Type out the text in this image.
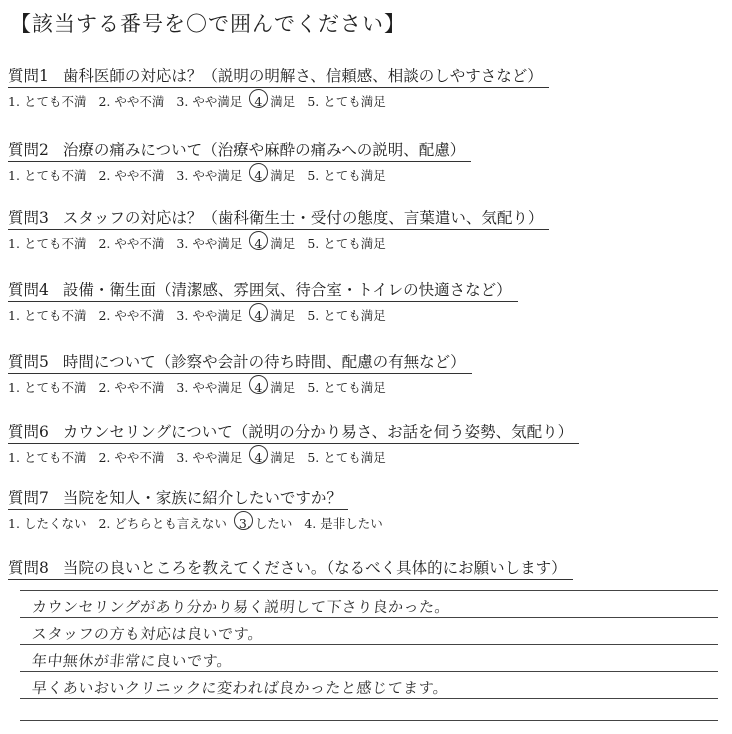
【該当する番号を〇で囲んでください】
質問1 歯科医師の対応は？（説明の明解さ、信頼感、相談のしやすさなど）
1. とても不満 2. やや不満 3. やや満足 4. 満足 5. とても満足
質問2 治療の痛みについて（治療や麻酔の痛みへの説明、配慮）
1. とても不満 2. やや不満 3. やや満足 4. 満足 5. とても満足
質問3 スタッフの対応は？（歯科衛生士・受付の態度、言葉遣い、気配り）
1. とても不満 2. やや不満 3. やや満足 4. 満足 5. とても満足
質問4 設備・衛生面（清潔感、雰囲気、待合室・トイレの快適さなど）
1. とても不満 2. やや不満 3. やや満足 4. 満足 5. とても満足
質問5 時間について（診察や会計の待ち時間、配慮の有無など）
1. とても不満 2. やや不満 3. やや満足 4. 満足 5. とても満足
質問6 カウンセリングについて（説明の分かり易さ、お話を伺う姿勢、気配り）
1. とても不満 2. やや不満 3. やや満足 4. 満足 5. とても満足
質問7 当院を知人・家族に紹介したいですか？
1. したくない 2. どちらとも言えない 3. したい 4. 是非したい
質問8 当院の良いところを教えてください。（なるべく具体的にお願いします）
カウンセリングがあり分かり易く説明して下さり良かった。
スタッフの方も対応は良いです。
年中無休が非常に良いです。
早くあいおいクリニックに変われば良かったと感じてます。
